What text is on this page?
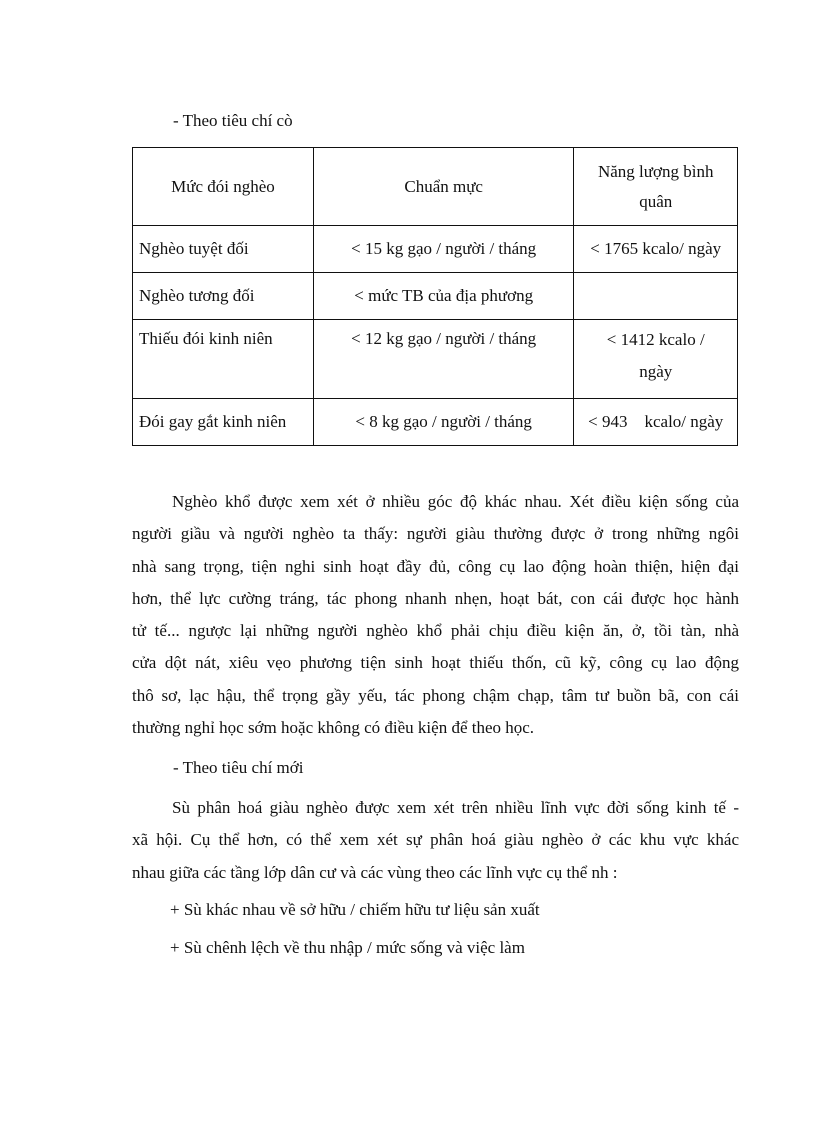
- Theo tiêu chí cò
Mức đói nghèo	Chuẩn mực	Năng lượng bình quân
Nghèo tuyệt đối	< 15 kg gạo / người / tháng	< 1765 kcalo/ ngày
Nghèo tương đối	< mức TB của địa phương	
Thiếu đói kinh niên	< 12 kg gạo / người / tháng	< 1412 kcalo / ngày
Đói gay gắt kinh niên	< 8 kg gạo / người / tháng	< 943    kcalo/ ngày
Nghèo khổ được xem xét ở nhiều góc độ khác nhau. Xét điều kiện sống của
người giầu và người nghèo ta thấy: người giàu thường được ở trong những ngôi
nhà sang trọng, tiện nghi sinh hoạt đầy đủ, công cụ lao động hoàn thiện, hiện đại
hơn, thể lực cường tráng, tác phong nhanh nhẹn, hoạt bát, con cái được học hành
tử tế... ngược lại những người nghèo khổ phải chịu điều kiện ăn, ở, tồi tàn, nhà
cửa dột nát, xiêu vẹo phương tiện sinh hoạt thiếu thốn, cũ kỹ, công cụ lao động
thô sơ, lạc hậu, thể trọng gầy yếu, tác phong chậm chạp, tâm tư buồn bã, con cái
thường nghỉ học sớm hoặc không có điều kiện để theo học.
- Theo tiêu chí mới
Sù phân hoá giàu nghèo được xem xét trên nhiều lĩnh vực đời sống kinh tế -
xã hội. Cụ thể hơn, có thể xem xét sự phân hoá giàu nghèo ở các khu vực khác
nhau giữa các tầng lớp dân cư và các vùng theo các lĩnh vực cụ thể nh :
+ Sù khác nhau về sở hữu / chiếm hữu tư liệu sản xuất
+ Sù chênh lệch về thu nhập / mức sống và việc làm
